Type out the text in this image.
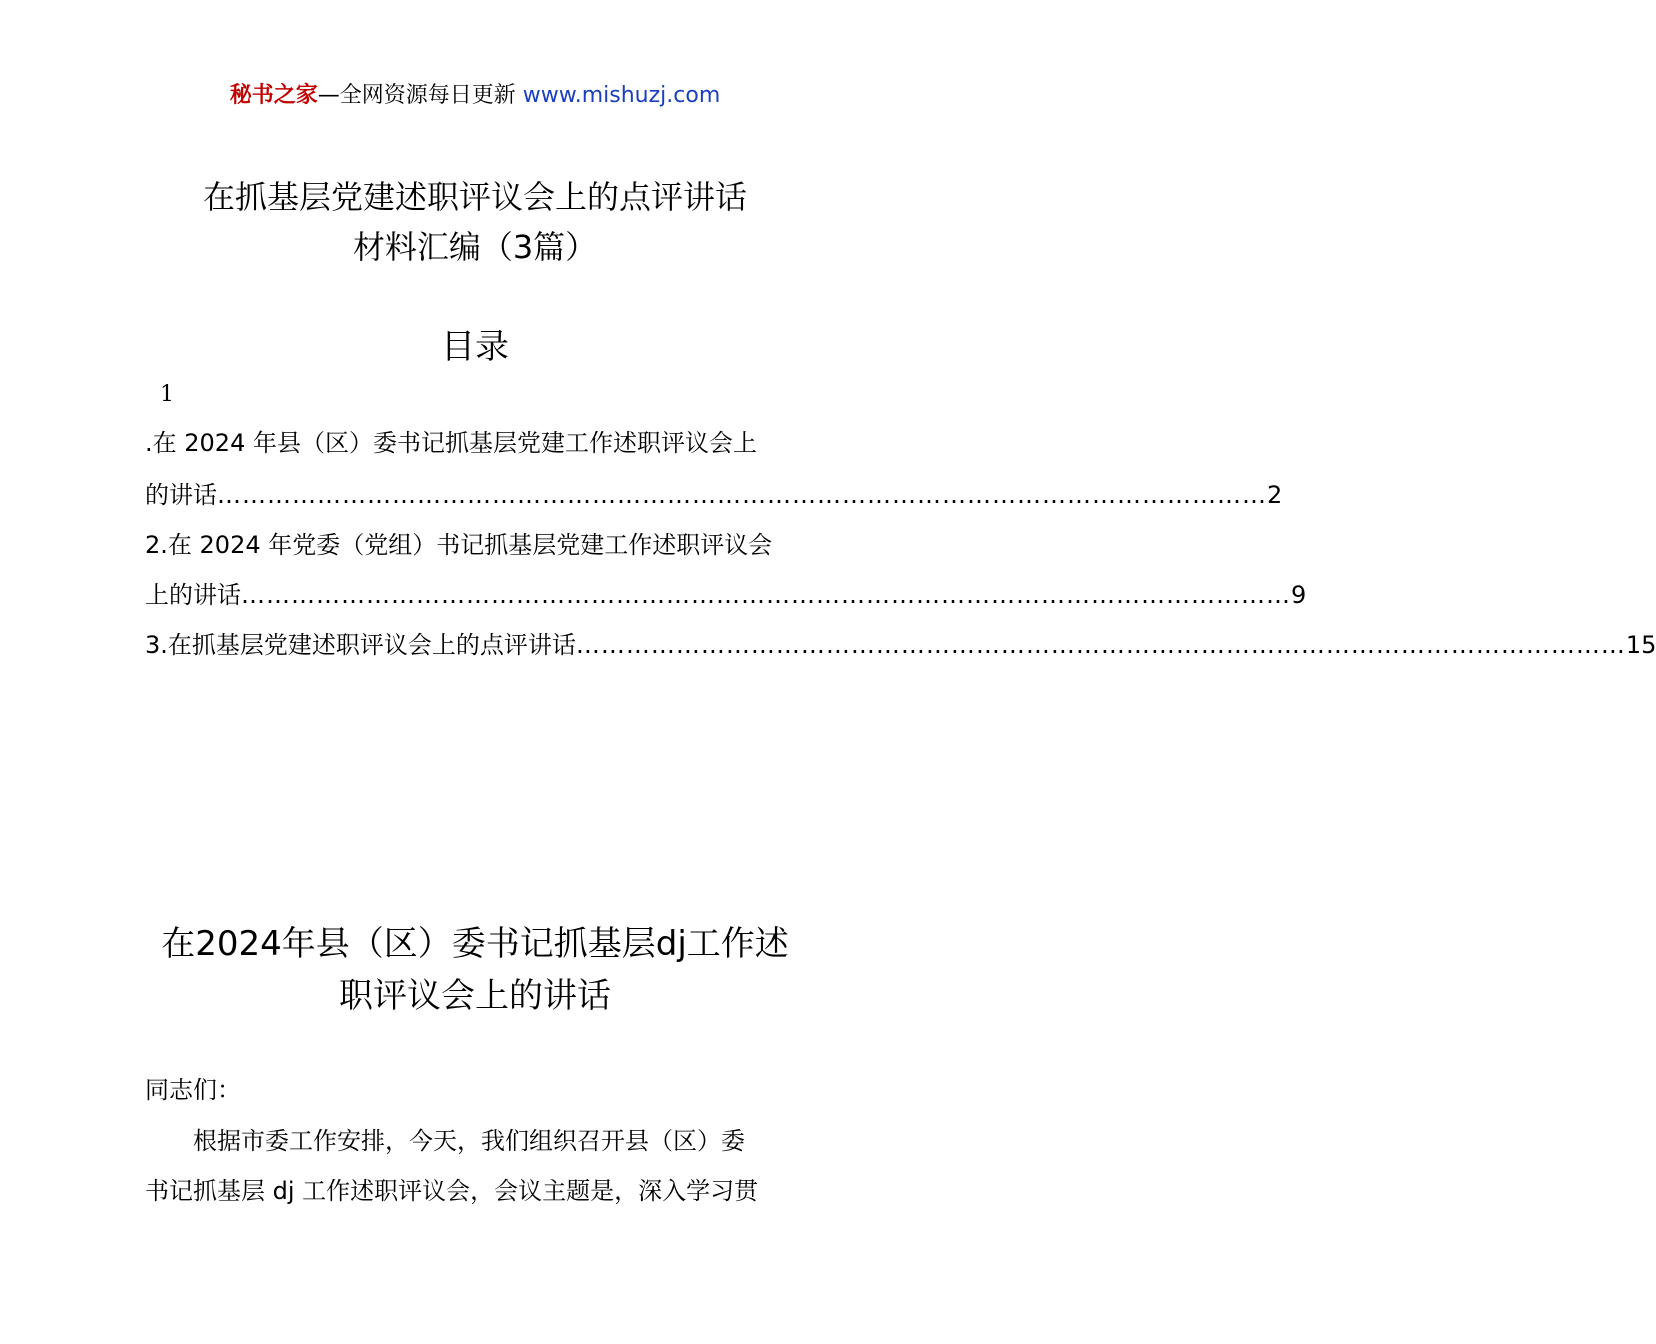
秘书之家—全网资源每日更新 www.mishuzj.com
在抓基层党建述职评议会上的点评讲话
材料汇编（3篇）
目录
1
.在 2024 年县（区）委书记抓基层党建工作述职评议会上
的讲话 ……………………………………………………………………………………………………………… 2
2.在 2024 年党委（党组）书记抓基层党建工作述职评议会
上的讲话 ……………………………………………………………………………………………………………… 9
3.在抓基层党建述职评议会上的点评讲话 ……………………………………………………………………………………………………………… 15
在2024年县（区）委书记抓基层dj工作述
职评议会上的讲话
同志们：
根据市委工作安排，今天，我们组织召开县（区）委
书记抓基层 dj 工作述职评议会，会议主题是，深入学习贯
